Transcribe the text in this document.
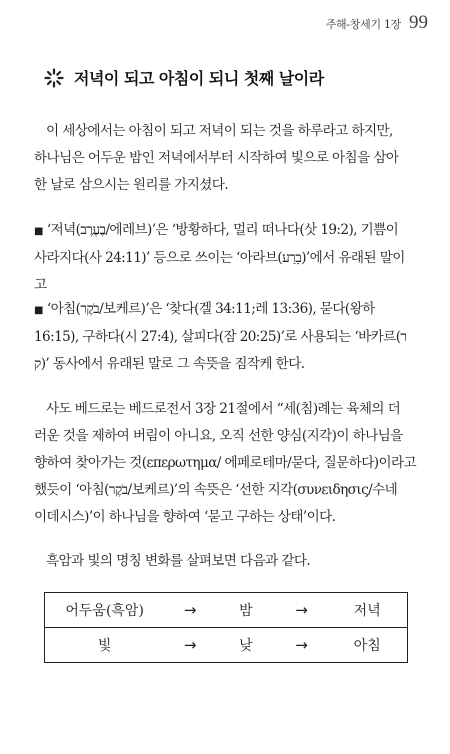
주해-창세기 1장 99
저녁이 되고 아침이 되니 첫째 날이라
이 세상에서는 아침이 되고 저녁이 되는 것을 하루라고 하지만,
하나님은 어두운 밤인 저녁에서부터 시작하여 빛으로 아침을 삼아
한 날로 삼으시는 원리를 가지셨다.
■ ‘저녁(בֶעֶרֶב/에레브)’은 ‘방황하다, 멀리 떠나다(삿 19:2), 기쁨이
사라지다(사 24:11)’ 등으로 쓰이는 ‘아라브(בָרַע)’에서 유래된 말이
고
■ ‘아침(בֹקֶר/보케르)’은 ‘찾다(겔 34:11;레 13:36), 묻다(왕하
16:15), 구하다(시 27:4), 살피다(잠 20:25)’로 사용되는 ‘바카르(ר
ק)’ 동사에서 유래된 말로 그 속뜻을 짐작케 한다.
사도 베드로는 베드로전서 3장 21절에서 “세(침)례는 육체의 더
러운 것을 제하여 버림이 아니요, 오직 선한 양심(지각)이 하나님을
향하여 찾아가는 것(επερωτημα/ 에페로테마/묻다, 질문하다)이라고
했듯이 ‘아침(בֹקֶר/보케르)’의 속뜻은 ‘선한 지각(συνειδησις/수네
이데시스)’이 하나님을 향하여 ‘묻고 구하는 상태’이다.
흑암과 빛의 명칭 변화를 살펴보면 다음과 같다.
어두움(흑암)	→	밤	→	저녁
빛	→	낮	→	아침
